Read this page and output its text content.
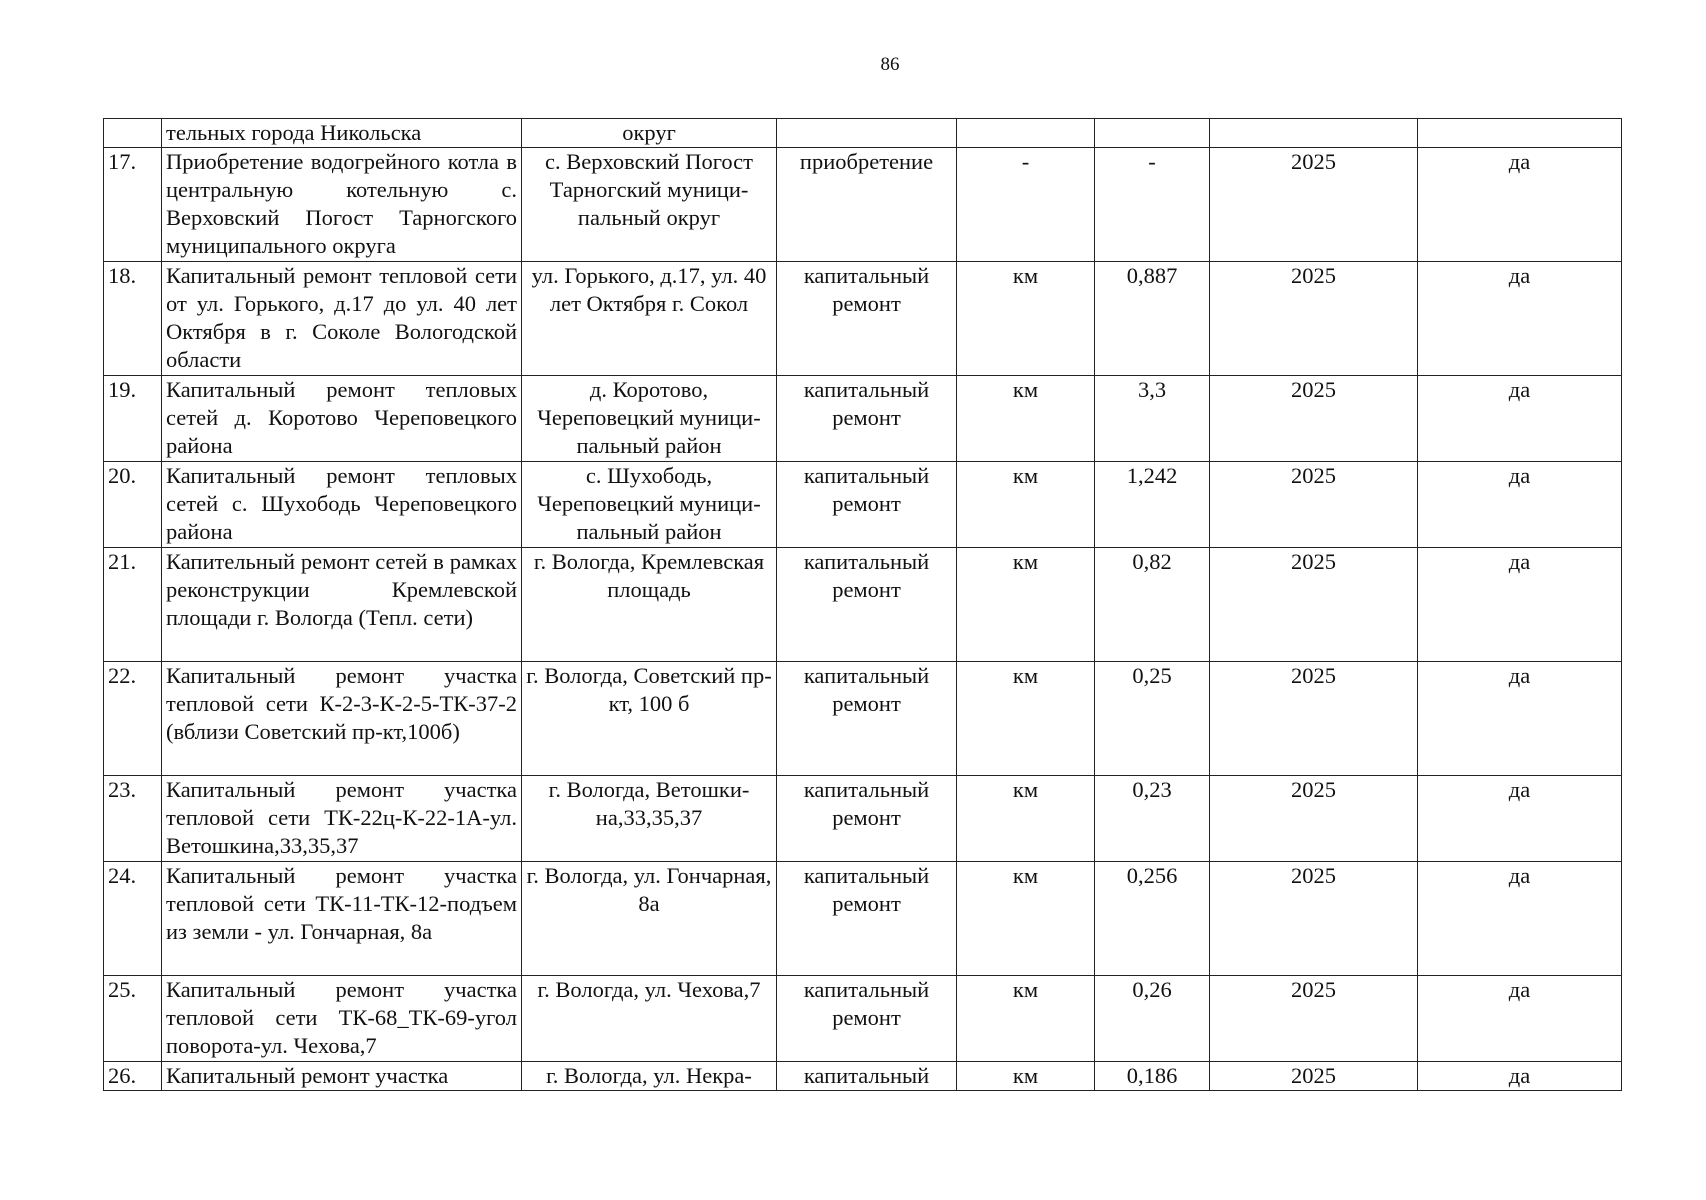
86
	тельных города Никольска	округ					
17.	Приобретение водогрейного котла в центральную котельную с. Верховский Погост Тарногского муниципального округа	с. Верховский Погост Тарногский муниципальный округ	приобретение	-	-	2025	да
18.	Капитальный ремонт тепловой сети от ул. Горького, д.17 до ул. 40 лет Октября в г. Соколе Вологодской области	ул. Горького, д.17, ул. 40 лет Октября г. Сокол	капитальный ремонт	км	0,887	2025	да
19.	Капитальный ремонт тепловых сетей д. Коротово Череповецкого района	д. Коротово, Череповецкий муниципальный район	капитальный ремонт	км	3,3	2025	да
20.	Капитальный ремонт тепловых сетей с. Шухободь Череповецкого района	с. Шухободь, Череповецкий муниципальный район	капитальный ремонт	км	1,242	2025	да
21.	Капительный ремонт сетей в рамках реконструкции Кремлевской площади г. Вологда (Тепл. сети)	г. Вологда, Кремлевская площадь	капитальный ремонт	км	0,82	2025	да
22.	Капитальный ремонт участка тепловой сети К-2-3-К-2-5-ТК-37-2 (вблизи Советский пр-кт,100б)	г. Вологда, Советский пр-кт, 100 б	капитальный ремонт	км	0,25	2025	да
23.	Капитальный ремонт участка тепловой сети ТК-22ц-К-22-1А-ул. Ветошкина,33,35,37	г. Вологда, Ветошкина,33,35,37	капитальный ремонт	км	0,23	2025	да
24.	Капитальный ремонт участка тепловой сети ТК-11-ТК-12-подъем из земли - ул. Гончарная, 8а	г. Вологда, ул. Гончарная, 8а	капитальный ремонт	км	0,256	2025	да
25.	Капитальный ремонт участка тепловой сети ТК-68_ТК-69-угол поворота-ул. Чехова,7	г. Вологда, ул. Чехова,7	капитальный ремонт	км	0,26	2025	да
26.	Капитальный ремонт участка	г. Вологда, ул. Некра-	капитальный	км	0,186	2025	да
